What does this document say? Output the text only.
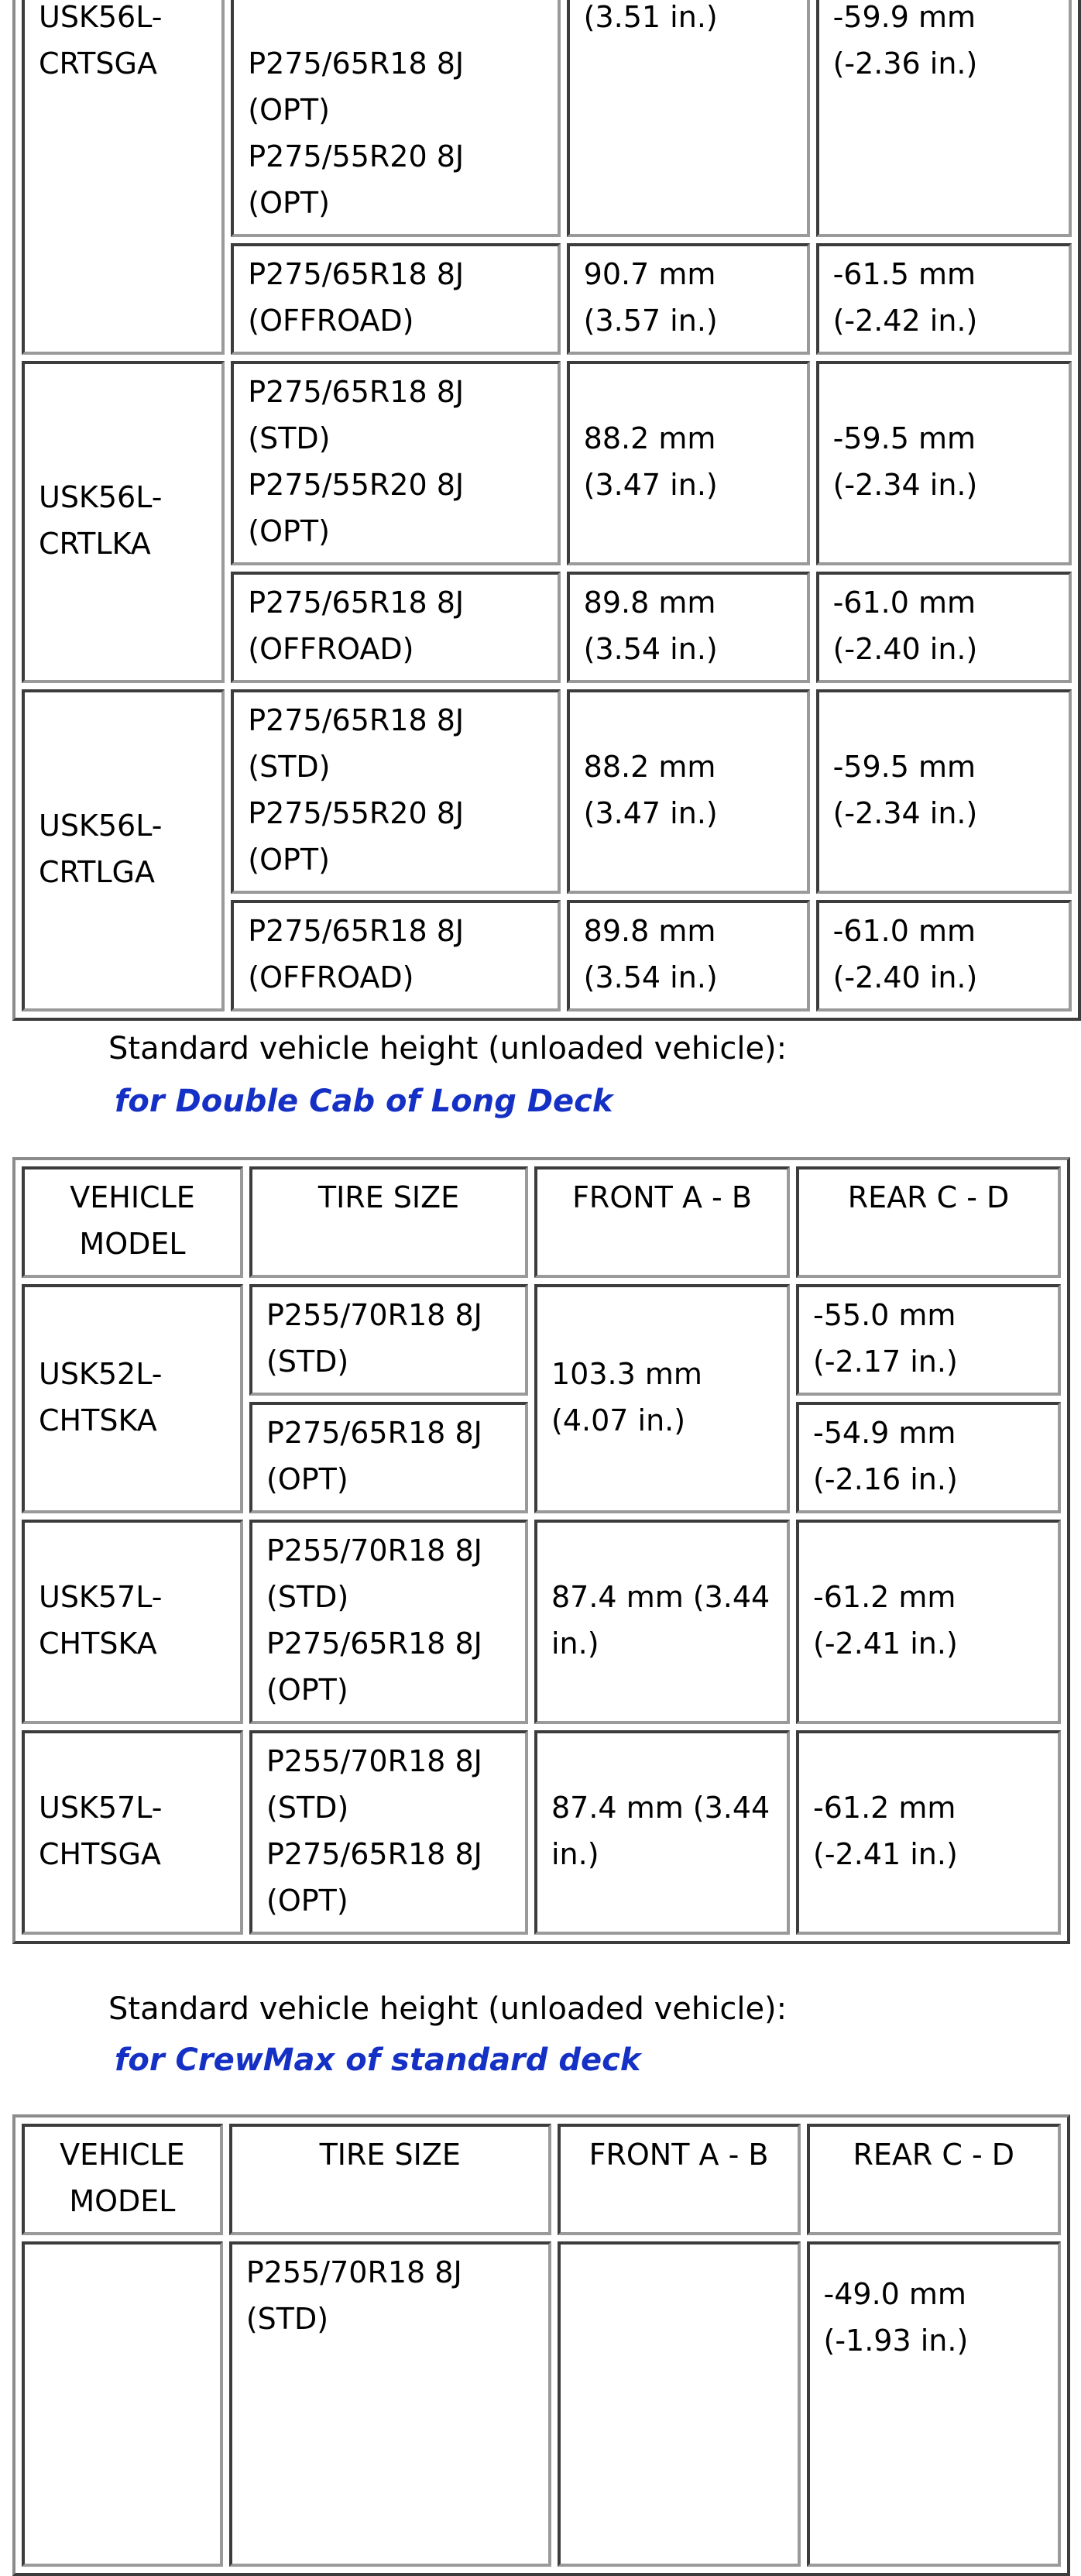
USK56L-
CRTSGA	P275/65R18 8J
(OPT)
P275/55R20 8J
(OPT)	(3.51 in.)	-59.9 mm
(-2.36 in.)

	P275/65R18 8J
(OFFROAD)	90.7 mm
(3.57 in.)	-61.5 mm
(-2.42 in.)

USK56L-
CRTLKA	P275/65R18 8J
(STD)
P275/55R20 8J
(OPT)	88.2 mm
(3.47 in.)	-59.5 mm
(-2.34 in.)

	P275/65R18 8J
(OFFROAD)	89.8 mm
(3.54 in.)	-61.0 mm
(-2.40 in.)

USK56L-
CRTLGA	P275/65R18 8J
(STD)
P275/55R20 8J
(OPT)	88.2 mm
(3.47 in.)	-59.5 mm
(-2.34 in.)

	P275/65R18 8J
(OFFROAD)	89.8 mm
(3.54 in.)	-61.0 mm
(-2.40 in.)
Standard vehicle height (unloaded vehicle):
for Double Cab of Long Deck
VEHICLE
MODEL	TIRE SIZE	FRONT A - B	REAR C - D

USK52L-
CHTSKA	P255/70R18 8J
(STD)	103.3 mm
(4.07 in.)	-55.0 mm
(-2.17 in.)

	P275/65R18 8J
(OPT)		-54.9 mm
(-2.16 in.)

USK57L-
CHTSKA	P255/70R18 8J
(STD)
P275/65R18 8J
(OPT)	87.4 mm (3.44
in.)	-61.2 mm
(-2.41 in.)

USK57L-
CHTSGA	P255/70R18 8J
(STD)
P275/65R18 8J
(OPT)	87.4 mm (3.44
in.)	-61.2 mm
(-2.41 in.)
Standard vehicle height (unloaded vehicle):
for CrewMax of standard deck
VEHICLE
MODEL	TIRE SIZE	FRONT A - B	REAR C - D

	P255/70R18 8J
(STD)		-49.0 mm
(-1.93 in.)
